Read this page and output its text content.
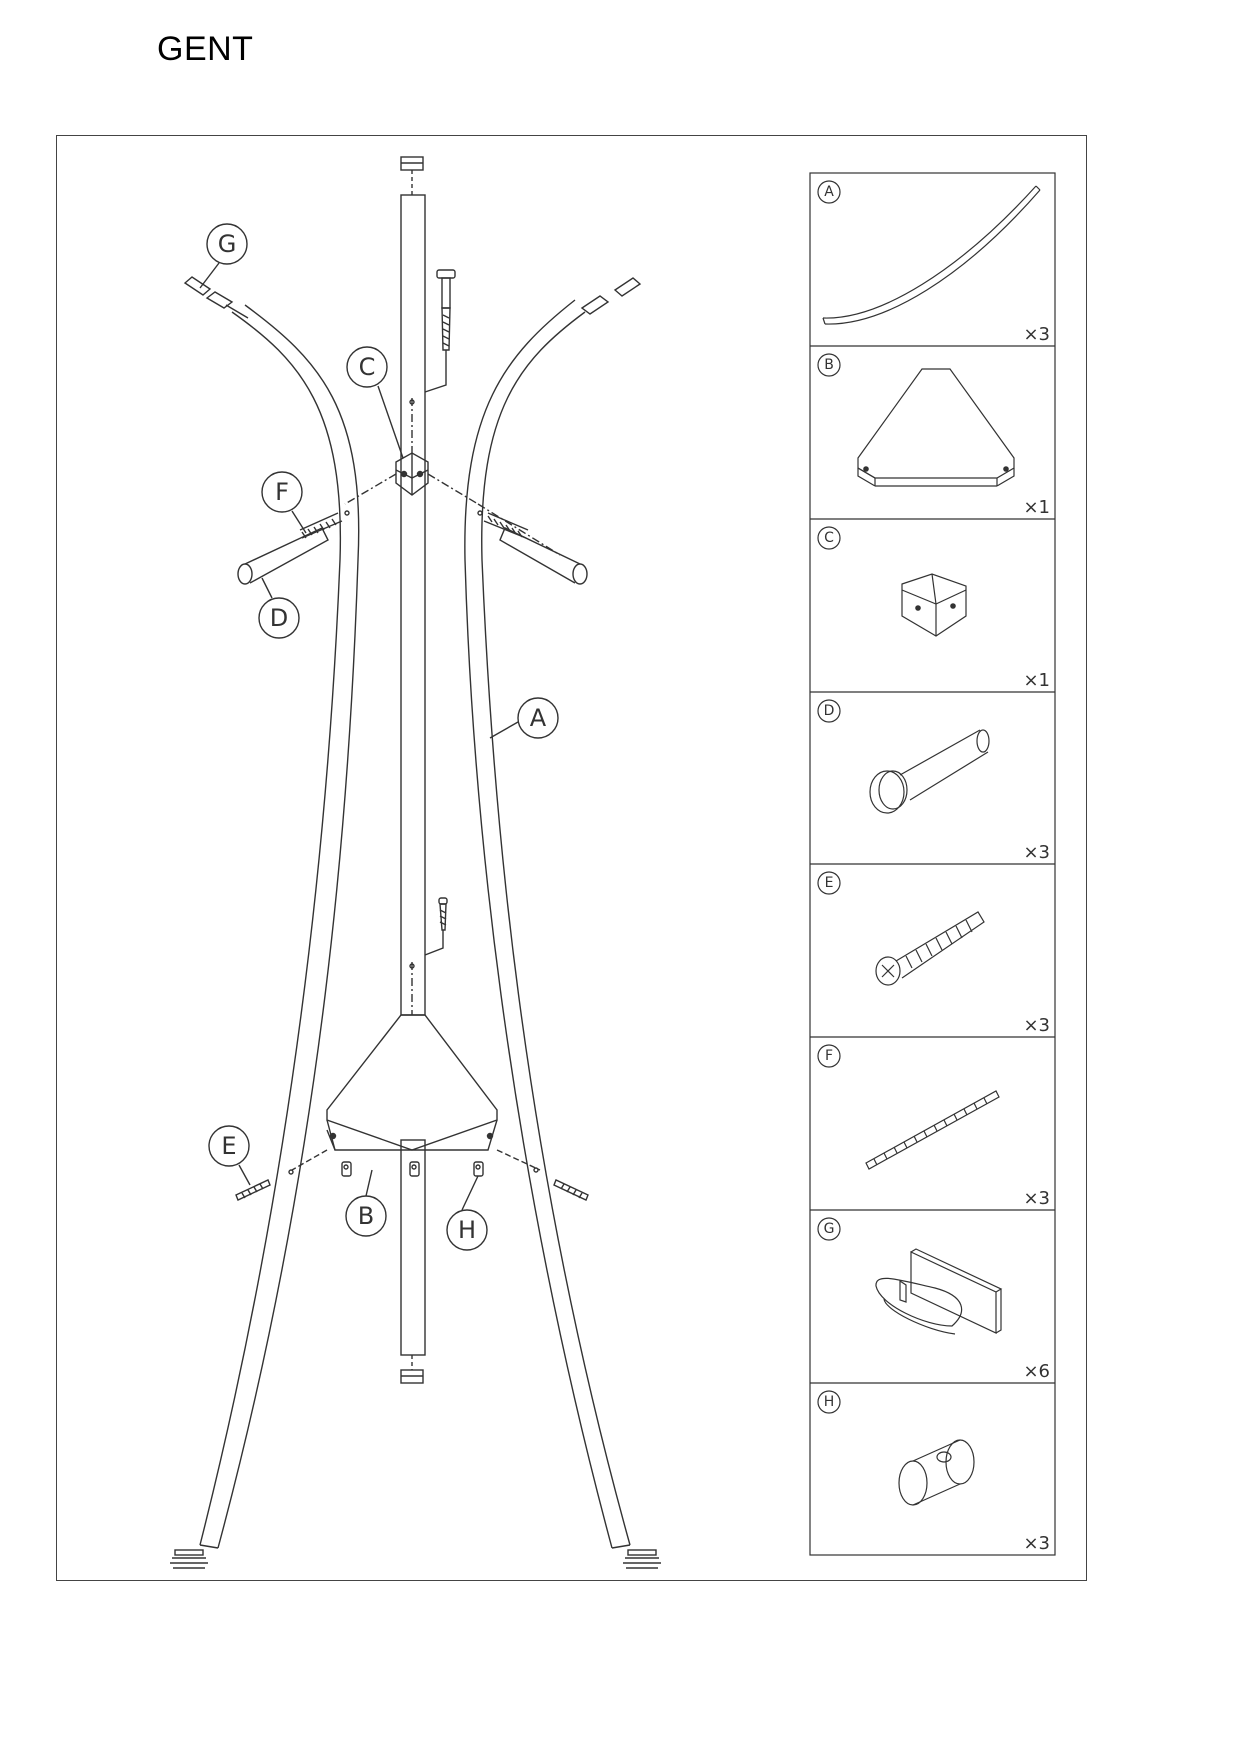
GENT
G
C
F
D
A
E
B	H
A
B
C
D
E
F
G
H
×3
×1
×1
×3
×3
×3
×6
×3
